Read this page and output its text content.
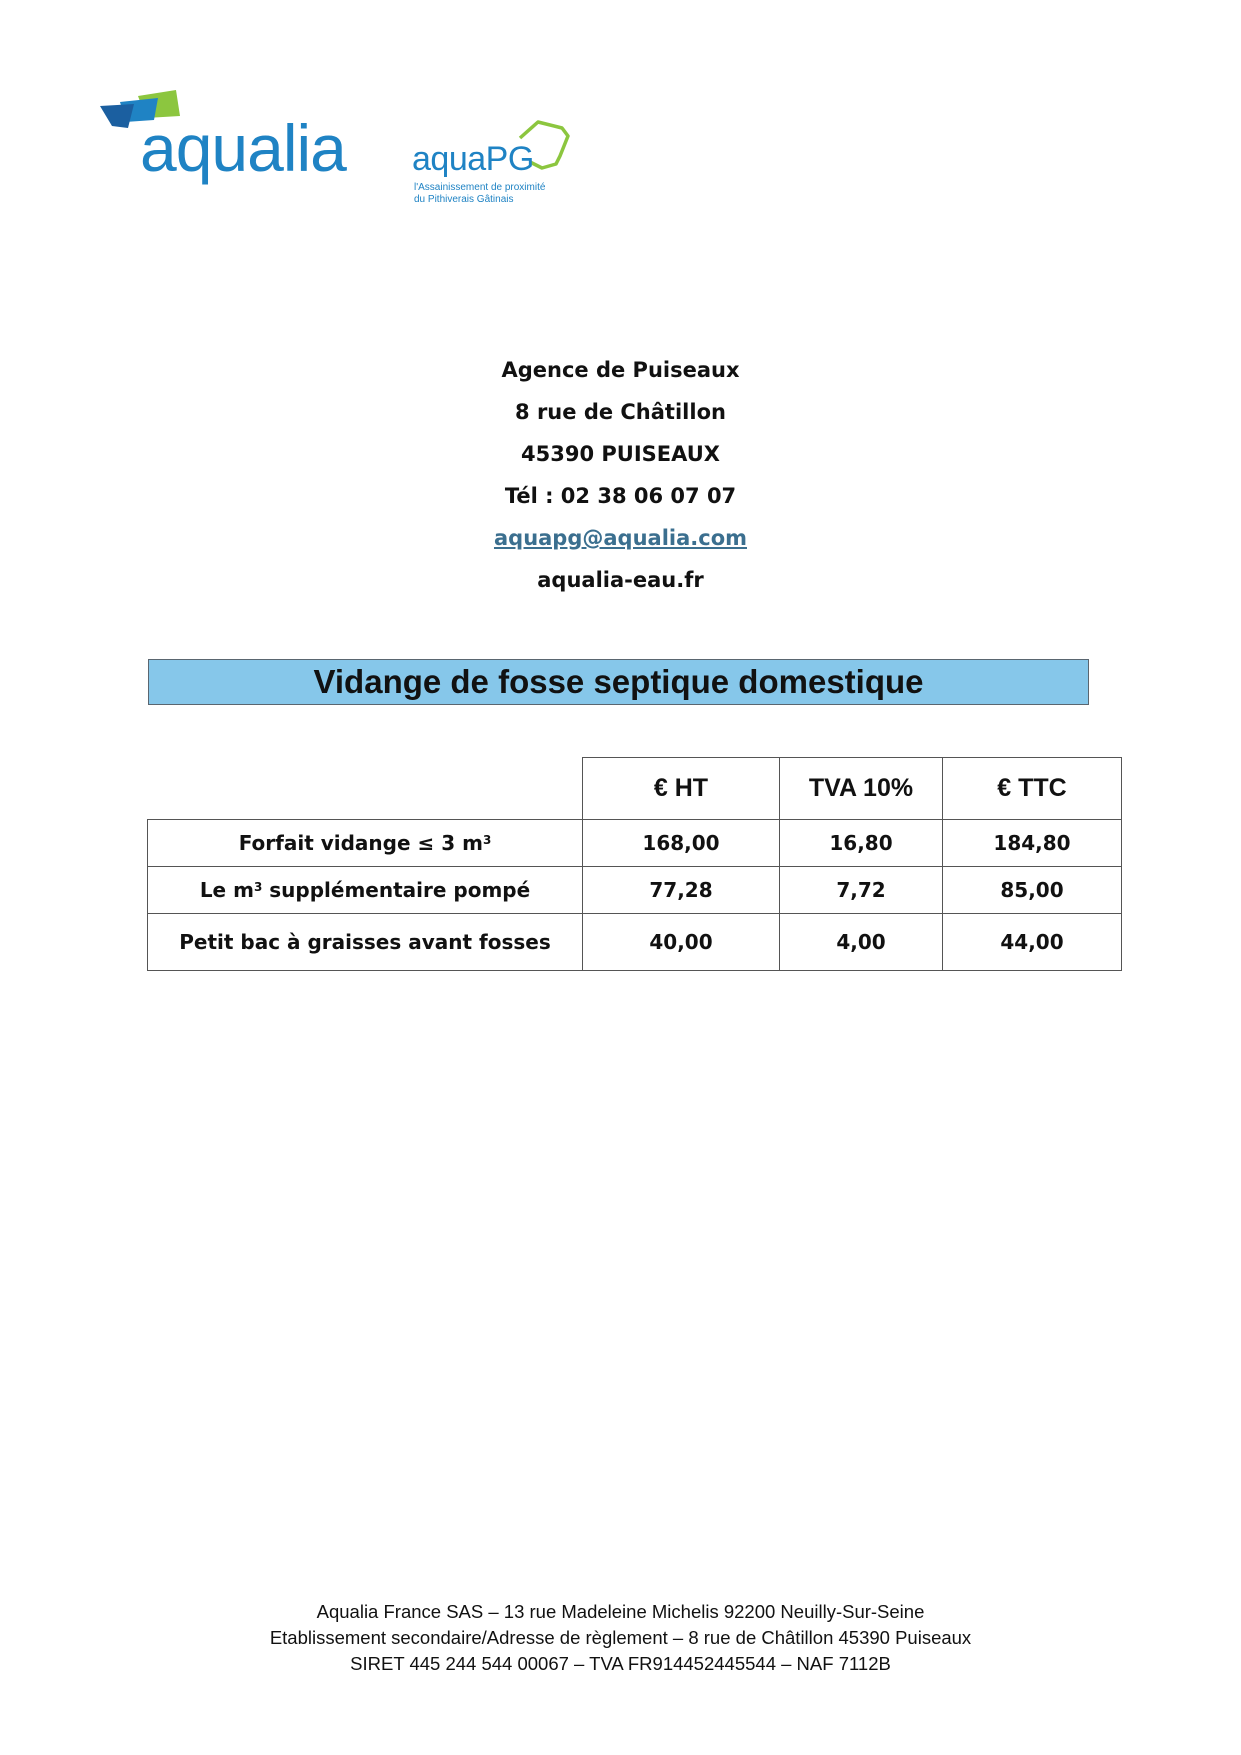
aqualia aquaPG
l'Assainissement de proximité
du Pithiverais Gâtinais
Agence de Puiseaux
8 rue de Châtillon
45390 PUISEAUX
Tél : 02 38 06 07 07
aquapg@aqualia.com
aqualia-eau.fr
Vidange de fosse septique domestique
	€ HT	TVA 10%	€ TTC
Forfait vidange ≤ 3 $m^3$	168,00	16,80	184,80
Le $m^3$ supplémentaire pompé	77,28	7,72	85,00
Petit bac à graisses avant fosses	40,00	4,00	44,00
Aqualia France SAS – 13 rue Madeleine Michelis 92200 Neuilly-Sur-Seine
Etablissement secondaire/Adresse de règlement – 8 rue de Châtillon 45390 Puiseaux
SIRET 445 244 544 00067 – TVA FR914452445544 – NAF 7112B
